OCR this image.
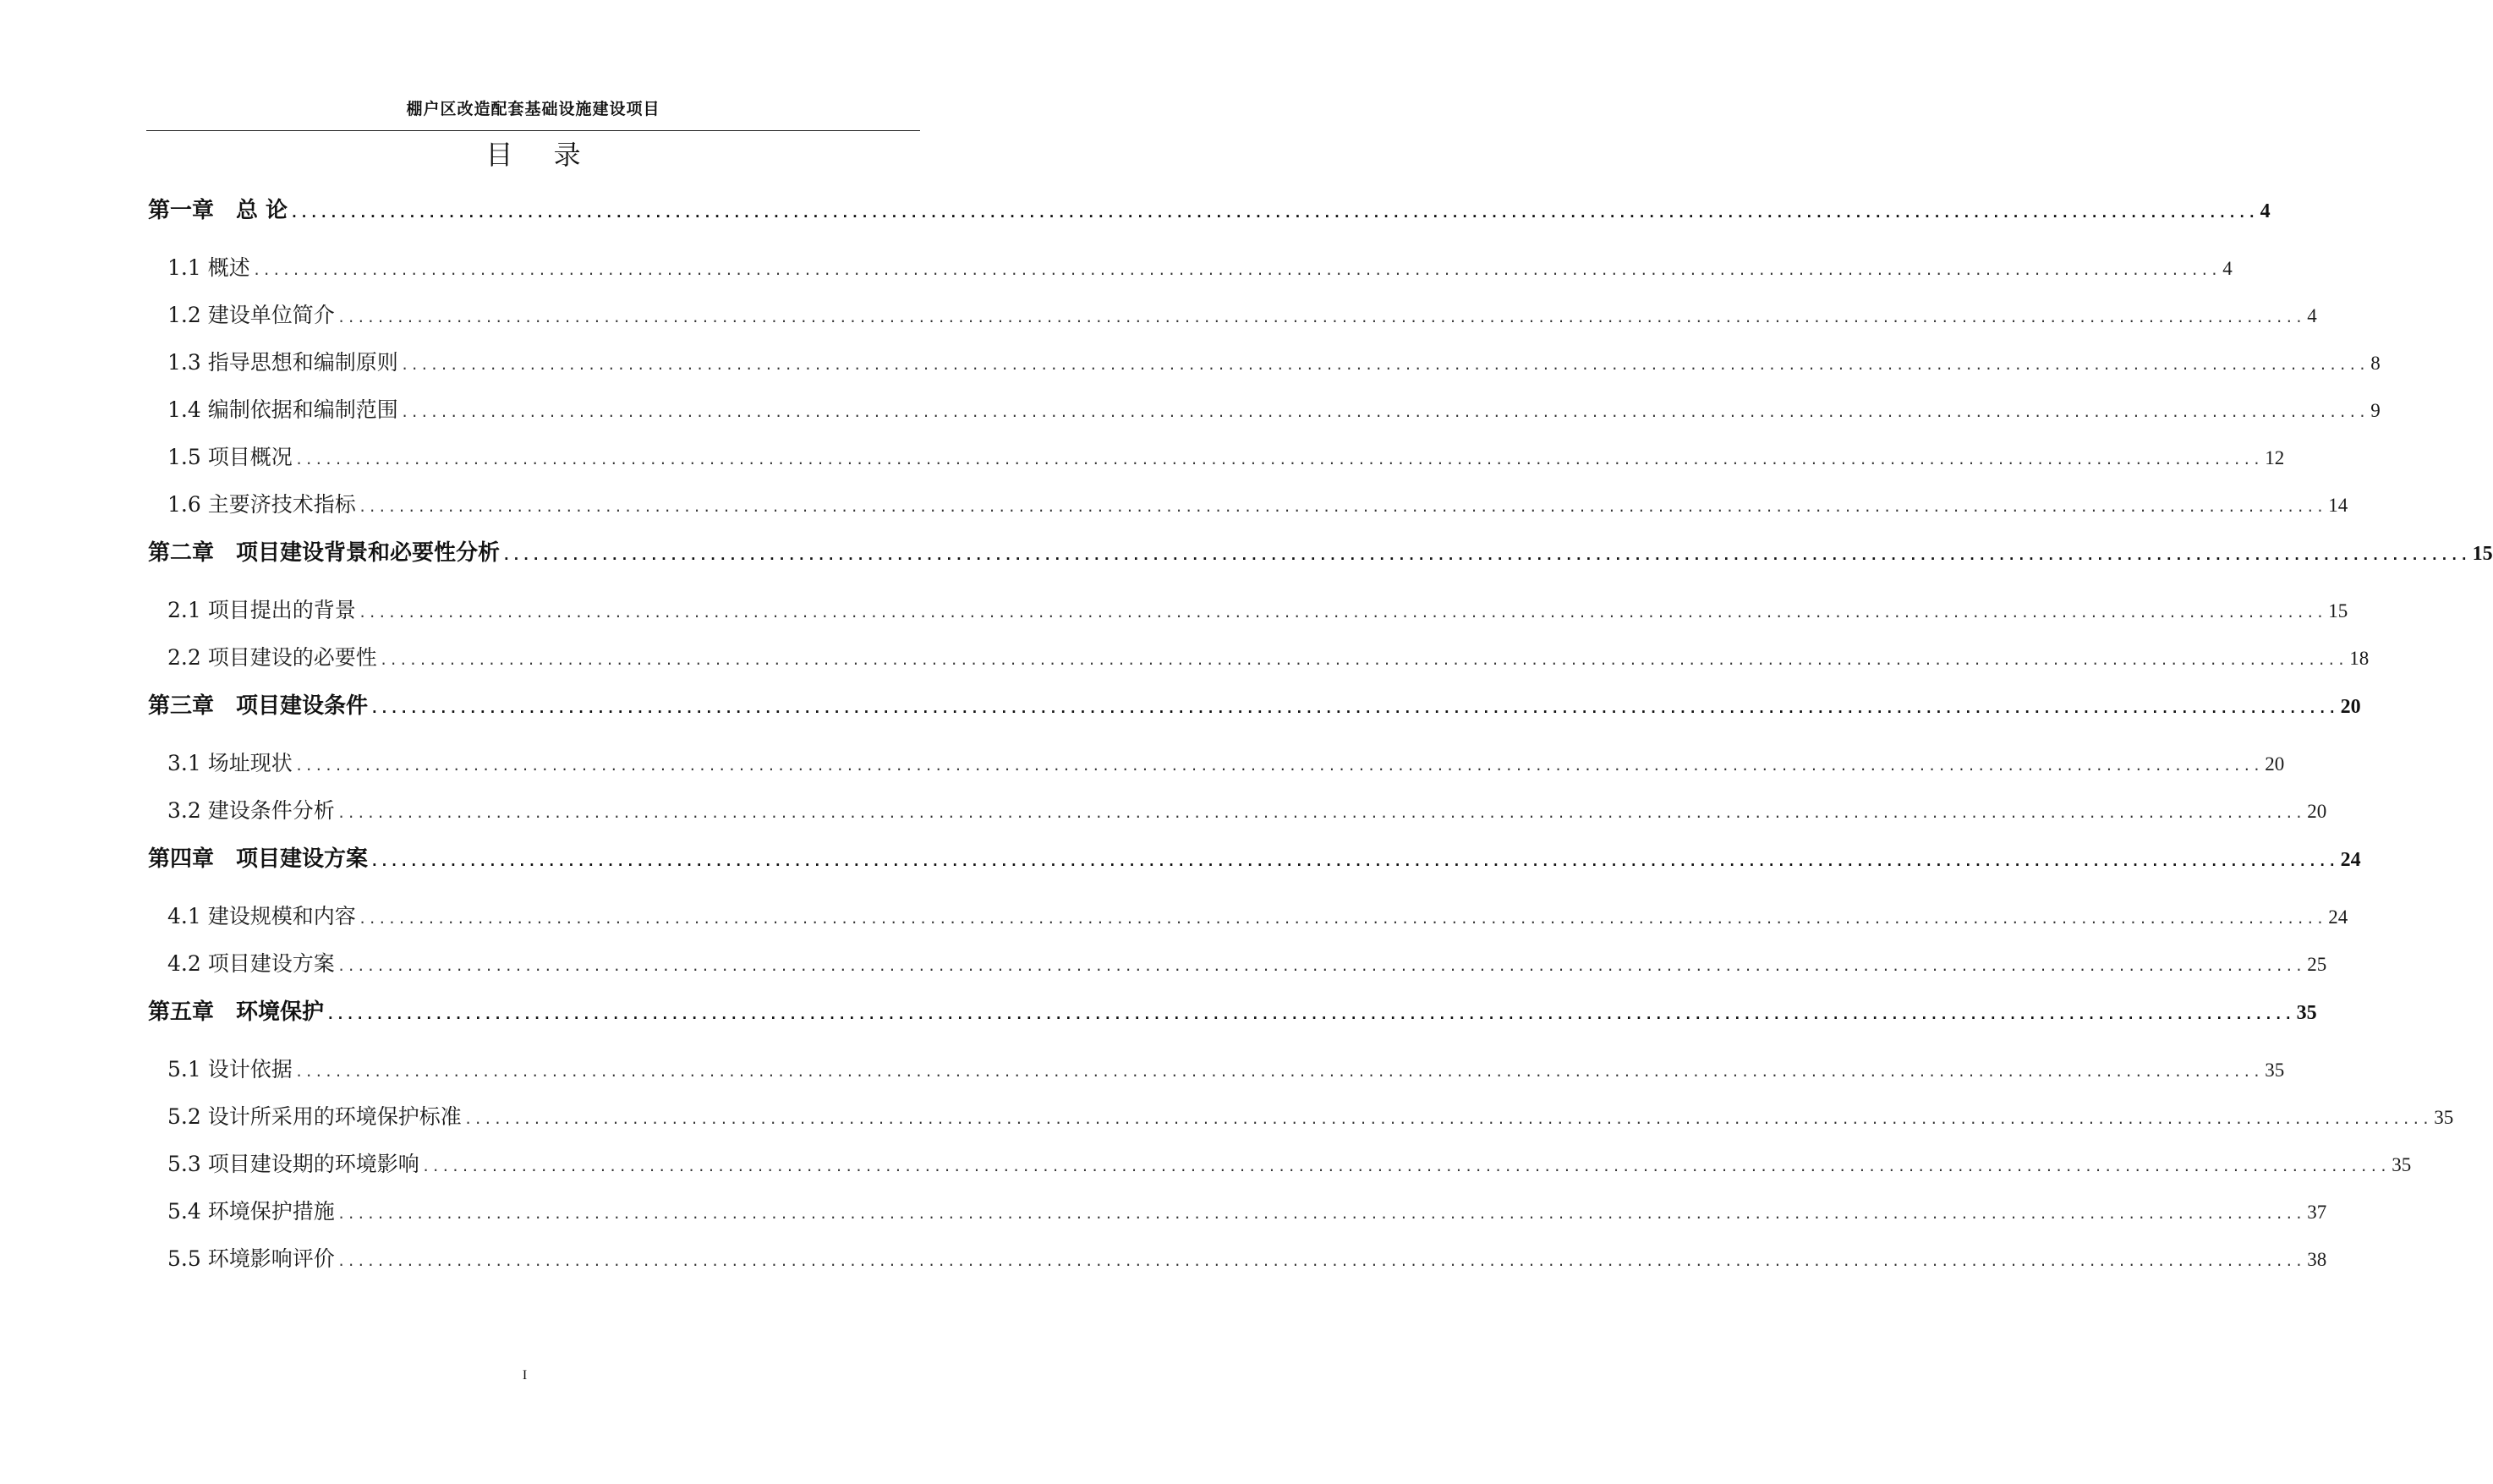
棚户区改造配套基础设施建设项目
目 录
第一章　总 论 ........................................................................................................................................................................................................ 4
1.1 概述 ........................................................................................................................................................................................................ 4
1.2 建设单位简介 ........................................................................................................................................................................................................ 4
1.3 指导思想和编制原则 ........................................................................................................................................................................................................ 8
1.4 编制依据和编制范围 ........................................................................................................................................................................................................ 9
1.5 项目概况 ........................................................................................................................................................................................................ 12
1.6 主要济技术指标 ........................................................................................................................................................................................................ 14
第二章　项目建设背景和必要性分析 ........................................................................................................................................................................................................ 15
2.1 项目提出的背景 ........................................................................................................................................................................................................ 15
2.2 项目建设的必要性 ........................................................................................................................................................................................................ 18
第三章　项目建设条件 ........................................................................................................................................................................................................ 20
3.1 场址现状 ........................................................................................................................................................................................................ 20
3.2 建设条件分析 ........................................................................................................................................................................................................ 20
第四章　项目建设方案 ........................................................................................................................................................................................................ 24
4.1 建设规模和内容 ........................................................................................................................................................................................................ 24
4.2 项目建设方案 ........................................................................................................................................................................................................ 25
第五章　环境保护 ........................................................................................................................................................................................................ 35
5.1 设计依据 ........................................................................................................................................................................................................ 35
5.2 设计所采用的环境保护标准 ........................................................................................................................................................................................................ 35
5.3 项目建设期的环境影响 ........................................................................................................................................................................................................ 35
5.4 环境保护措施 ........................................................................................................................................................................................................ 37
5.5 环境影响评价 ........................................................................................................................................................................................................ 38
I
